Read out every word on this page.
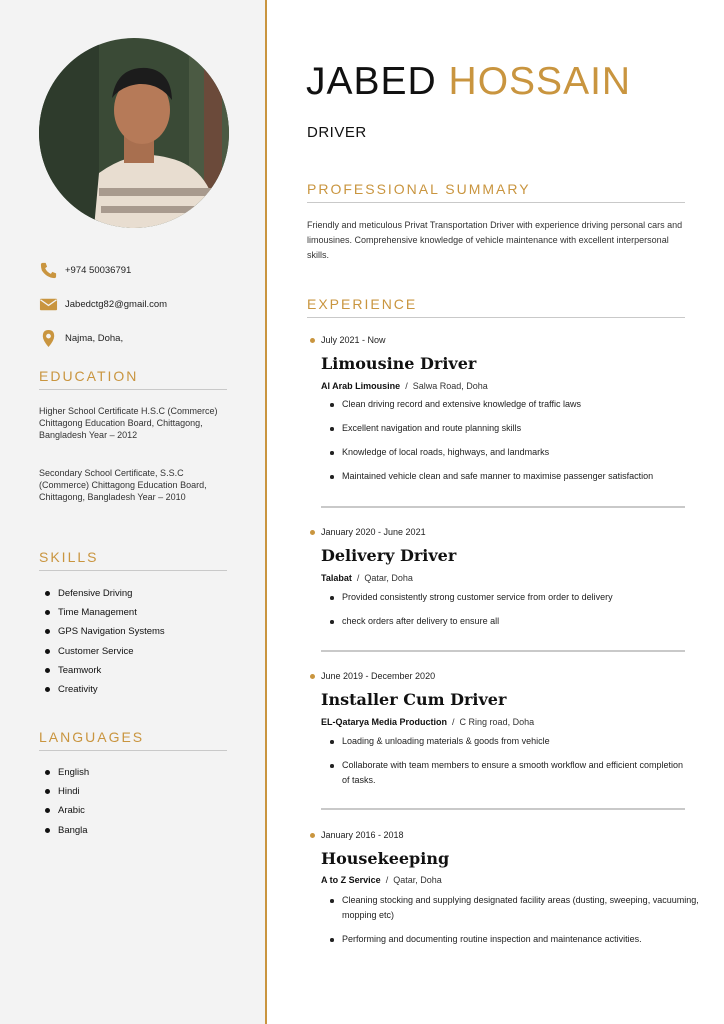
+974 50036791
Jabedctg82@gmail.com
Najma, Doha,
EDUCATION
Higher School Certificate H.S.C (Commerce) Chittagong Education Board, Chittagong, Bangladesh Year – 2012
Secondary School Certificate, S.S.C (Commerce) Chittagong Education Board, Chittagong, Bangladesh Year – 2010
SKILLS
Defensive Driving
Time Management
GPS Navigation Systems
Customer Service
Teamwork
Creativity
LANGUAGES
English
Hindi
Arabic
Bangla
JABED HOSSAIN
DRIVER
PROFESSIONAL SUMMARY
Friendly and meticulous Privat Transportation Driver with experience driving personal cars and limousines. Comprehensive knowledge of vehicle maintenance with excellent interpersonal skills.
EXPERIENCE
July 2021 - Now
Limousine Driver
Al Arab Limousine  /  Salwa Road, Doha
Clean driving record and extensive knowledge of traffic laws
Excellent navigation and route planning skills
Knowledge of local roads, highways, and landmarks
Maintained vehicle clean and safe manner to maximise passenger satisfaction
January 2020 - June 2021
Delivery Driver
Talabat  /  Qatar, Doha
Provided consistently strong customer service from order to delivery
check orders after delivery to ensure all
June 2019 - December 2020
Installer Cum Driver
EL-Qatarya Media Production  /  C Ring road, Doha
Loading & unloading materials & goods from vehicle
Collaborate with team members to ensure a smooth workflow and efficient completion of tasks.
January 2016 - 2018
Housekeeping
A to Z Service  /  Qatar, Doha
Cleaning stocking and supplying designated facility areas (dusting, sweeping, vacuuming, mopping etc)
Performing and documenting routine inspection and maintenance activities.
